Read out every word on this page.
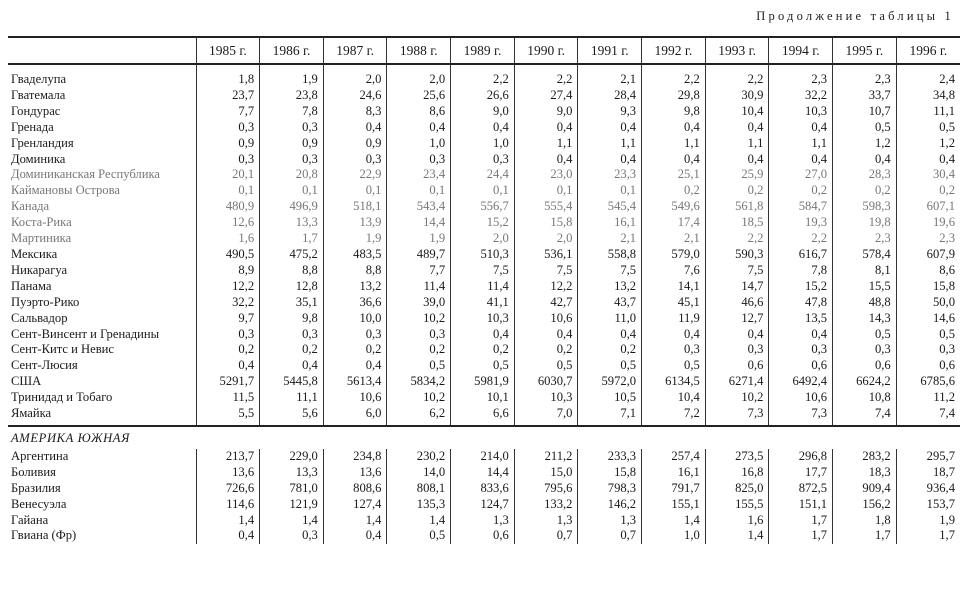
Продолжение таблицы 1
	1985 г.	1986 г.	1987 г.	1988 г.	1989 г.	1990 г.	1991 г.	1992 г.	1993 г.	1994 г.	1995 г.	1996 г.
Гваделупа	1,8	1,9	2,0	2,0	2,2	2,2	2,1	2,2	2,2	2,3	2,3	2,4
Гватемала	23,7	23,8	24,6	25,6	26,6	27,4	28,4	29,8	30,9	32,2	33,7	34,8
Гондурас	7,7	7,8	8,3	8,6	9,0	9,0	9,3	9,8	10,4	10,3	10,7	11,1
Гренада	0,3	0,3	0,4	0,4	0,4	0,4	0,4	0,4	0,4	0,4	0,5	0,5
Гренландия	0,9	0,9	0,9	1,0	1,0	1,1	1,1	1,1	1,1	1,1	1,2	1,2
Доминика	0,3	0,3	0,3	0,3	0,3	0,4	0,4	0,4	0,4	0,4	0,4	0,4
Доминиканская Республика	20,1	20,8	22,9	23,4	24,4	23,0	23,3	25,1	25,9	27,0	28,3	30,4
Каймановы Острова	0,1	0,1	0,1	0,1	0,1	0,1	0,1	0,2	0,2	0,2	0,2	0,2
Канада	480,9	496,9	518,1	543,4	556,7	555,4	545,4	549,6	561,8	584,7	598,3	607,1
Коста-Рика	12,6	13,3	13,9	14,4	15,2	15,8	16,1	17,4	18,5	19,3	19,8	19,6
Мартиника	1,6	1,7	1,9	1,9	2,0	2,0	2,1	2,1	2,2	2,2	2,3	2,3
Мексика	490,5	475,2	483,5	489,7	510,3	536,1	558,8	579,0	590,3	616,7	578,4	607,9
Никарагуа	8,9	8,8	8,8	7,7	7,5	7,5	7,5	7,6	7,5	7,8	8,1	8,6
Панама	12,2	12,8	13,2	11,4	11,4	12,2	13,2	14,1	14,7	15,2	15,5	15,8
Пуэрто-Рико	32,2	35,1	36,6	39,0	41,1	42,7	43,7	45,1	46,6	47,8	48,8	50,0
Сальвадор	9,7	9,8	10,0	10,2	10,3	10,6	11,0	11,9	12,7	13,5	14,3	14,6
Сент-Винсент и Гренадины	0,3	0,3	0,3	0,3	0,4	0,4	0,4	0,4	0,4	0,4	0,5	0,5
Сент-Китс и Невис	0,2	0,2	0,2	0,2	0,2	0,2	0,2	0,3	0,3	0,3	0,3	0,3
Сент-Люсия	0,4	0,4	0,4	0,5	0,5	0,5	0,5	0,5	0,6	0,6	0,6	0,6
США	5291,7	5445,8	5613,4	5834,2	5981,9	6030,7	5972,0	6134,5	6271,4	6492,4	6624,2	6785,6
Тринидад и Тобаго	11,5	11,1	10,6	10,2	10,1	10,3	10,5	10,4	10,2	10,6	10,8	11,2
Ямайка	5,5	5,6	6,0	6,2	6,6	7,0	7,1	7,2	7,3	7,3	7,4	7,4
АМЕРИКА ЮЖНАЯ												
Аргентина	213,7	229,0	234,8	230,2	214,0	211,2	233,3	257,4	273,5	296,8	283,2	295,7
Боливия	13,6	13,3	13,6	14,0	14,4	15,0	15,8	16,1	16,8	17,7	18,3	18,7
Бразилия	726,6	781,0	808,6	808,1	833,6	795,6	798,3	791,7	825,0	872,5	909,4	936,4
Венесуэла	114,6	121,9	127,4	135,3	124,7	133,2	146,2	155,1	155,5	151,1	156,2	153,7
Гайана	1,4	1,4	1,4	1,4	1,3	1,3	1,3	1,4	1,6	1,7	1,8	1,9
Гвиана (Фр)	0,4	0,3	0,4	0,5	0,6	0,7	0,7	1,0	1,4	1,7	1,7	1,7
